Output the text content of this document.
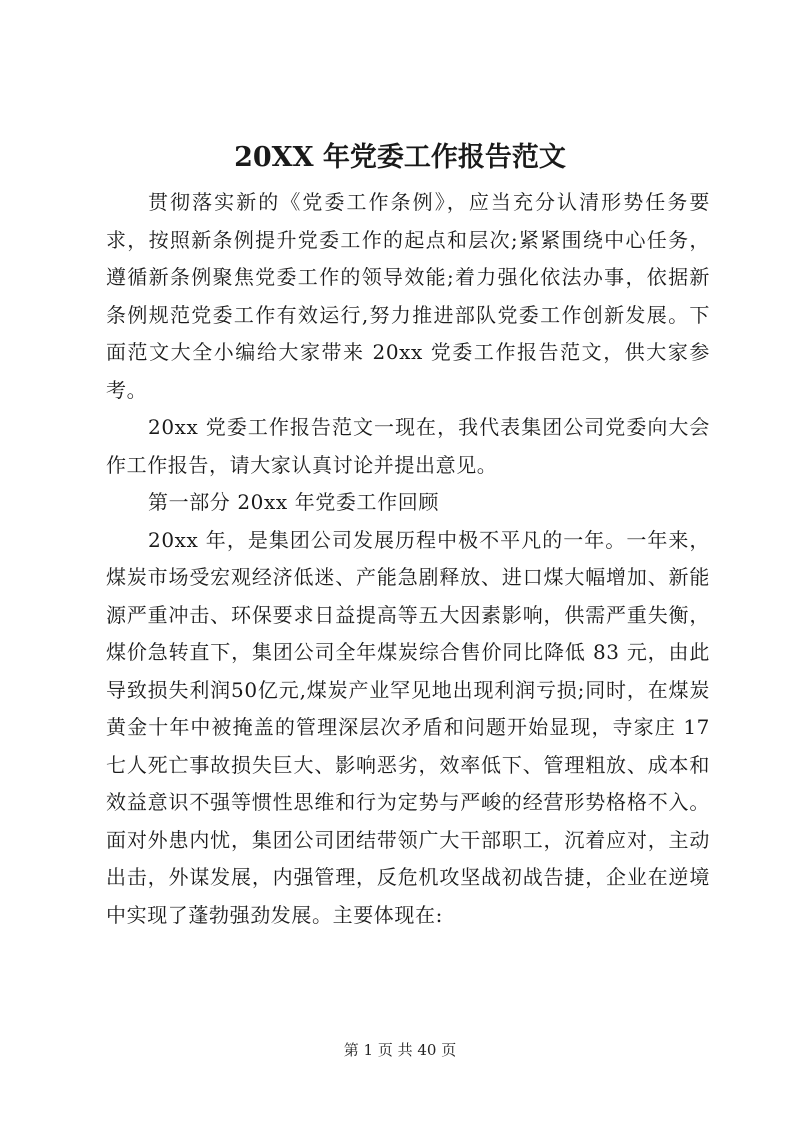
20XX 年党委工作报告范文

贯彻落实新的《党委工作条例》，应当充分认清形势任务要求，按照新条例提升党委工作的起点和层次;紧紧围绕中心任务，遵循新条例聚焦党委工作的领导效能;着力强化依法办事，依据新条例规范党委工作有效运行,努力推进部队党委工作创新发展。下面范文大全小编给大家带来 20xx 党委工作报告范文，供大家参考。

20xx 党委工作报告范文一现在，我代表集团公司党委向大会作工作报告，请大家认真讨论并提出意见。

第一部分 20xx 年党委工作回顾

20xx 年，是集团公司发展历程中极不平凡的一年。一年来，煤炭市场受宏观经济低迷、产能急剧释放、进口煤大幅增加、新能源严重冲击、环保要求日益提高等五大因素影响，供需严重失衡，煤价急转直下，集团公司全年煤炭综合售价同比降低 83 元，由此导致损失利润50亿元,煤炭产业罕见地出现利润亏损;同时，在煤炭黄金十年中被掩盖的管理深层次矛盾和问题开始显现，寺家庄 17 七人死亡事故损失巨大、影响恶劣，效率低下、管理粗放、成本和效益意识不强等惯性思维和行为定势与严峻的经营形势格格不入。面对外患内忧，集团公司团结带领广大干部职工，沉着应对，主动出击，外谋发展，内强管理，反危机攻坚战初战告捷，企业在逆境中实现了蓬勃强劲发展。主要体现在:

第 1 页 共 40 页
